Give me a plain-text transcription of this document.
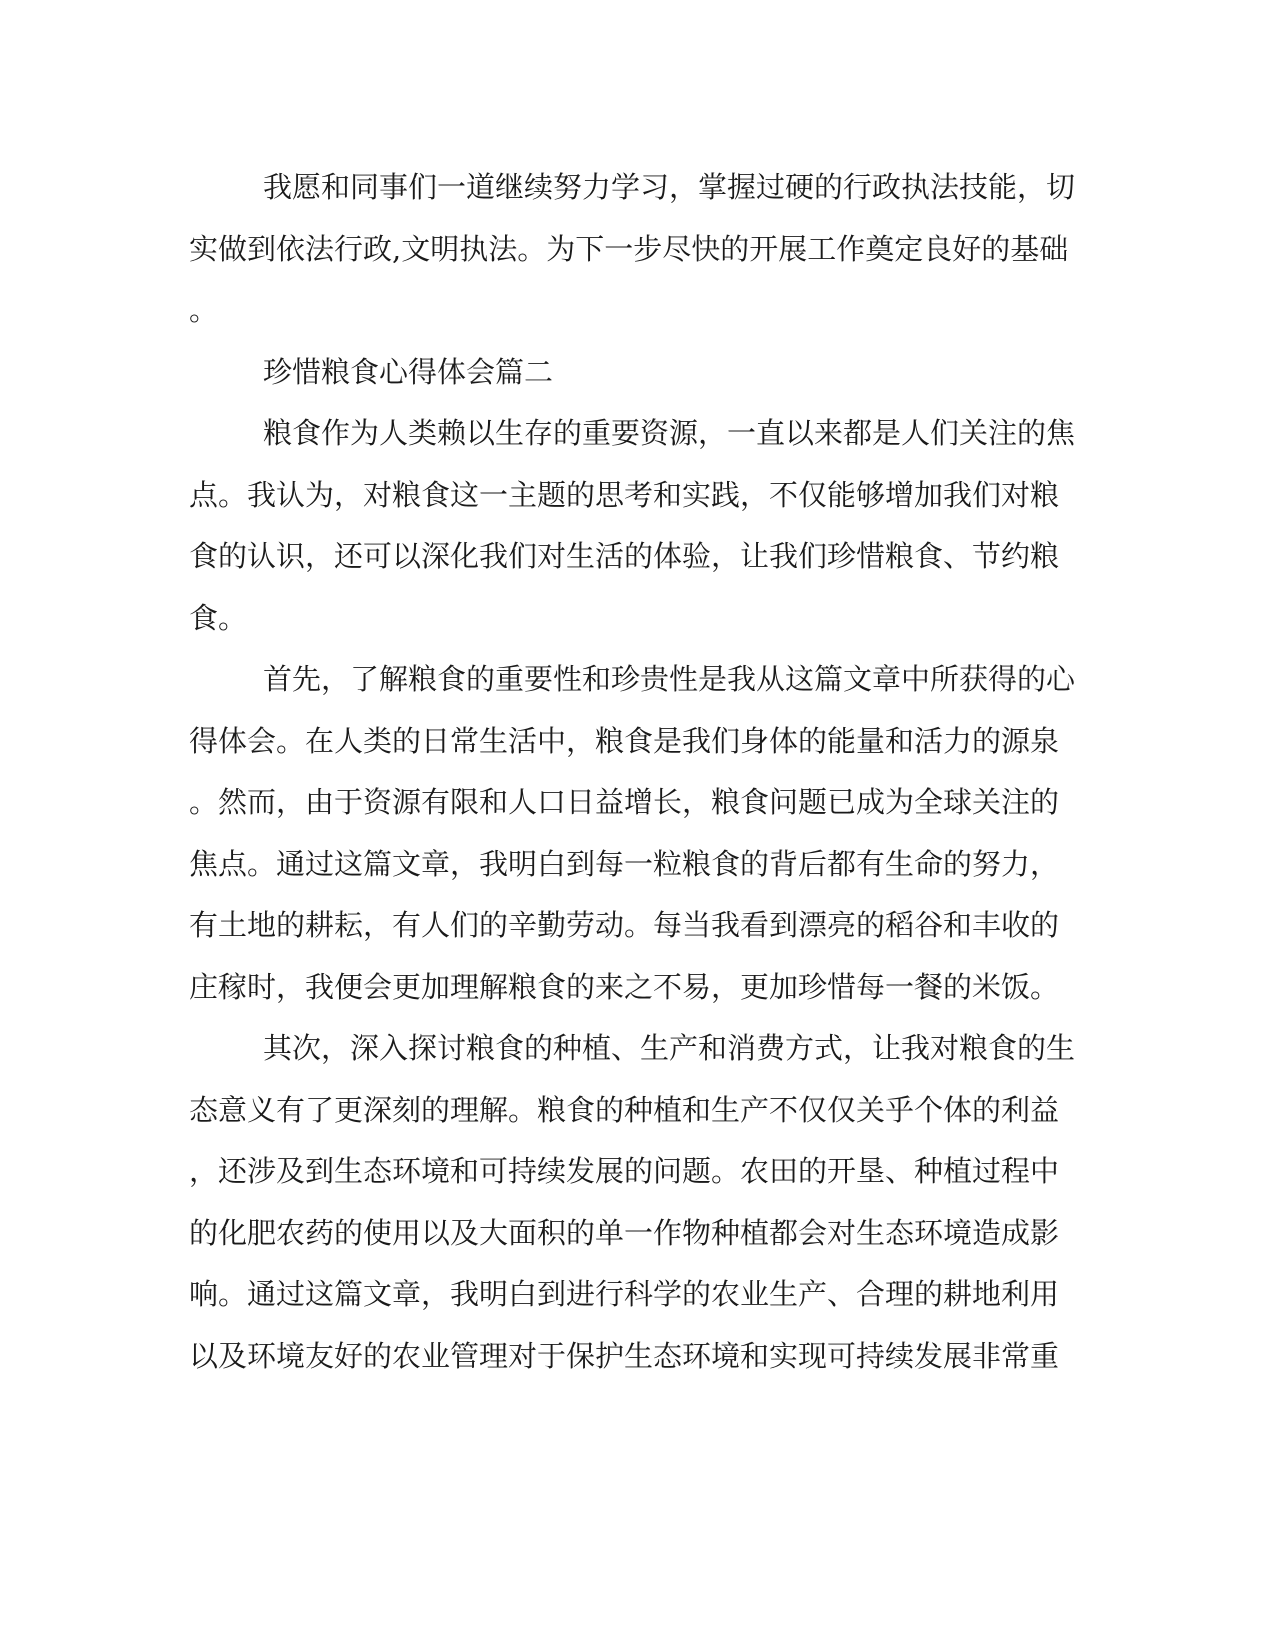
我愿和同事们一道继续努力学习，掌握过硬的行政执法技能，切
实做到依法行政,文明执法。为下一步尽快的开展工作奠定良好的基础
。
珍惜粮食心得体会篇二
粮食作为人类赖以生存的重要资源，一直以来都是人们关注的焦
点。我认为，对粮食这一主题的思考和实践，不仅能够增加我们对粮
食的认识，还可以深化我们对生活的体验，让我们珍惜粮食、节约粮
食。
首先，了解粮食的重要性和珍贵性是我从这篇文章中所获得的心
得体会。在人类的日常生活中，粮食是我们身体的能量和活力的源泉
。然而，由于资源有限和人口日益增长，粮食问题已成为全球关注的
焦点。通过这篇文章，我明白到每一粒粮食的背后都有生命的努力，
有土地的耕耘，有人们的辛勤劳动。每当我看到漂亮的稻谷和丰收的
庄稼时，我便会更加理解粮食的来之不易，更加珍惜每一餐的米饭。
其次，深入探讨粮食的种植、生产和消费方式，让我对粮食的生
态意义有了更深刻的理解。粮食的种植和生产不仅仅关乎个体的利益
，还涉及到生态环境和可持续发展的问题。农田的开垦、种植过程中
的化肥农药的使用以及大面积的单一作物种植都会对生态环境造成影
响。通过这篇文章，我明白到进行科学的农业生产、合理的耕地利用
以及环境友好的农业管理对于保护生态环境和实现可持续发展非常重
